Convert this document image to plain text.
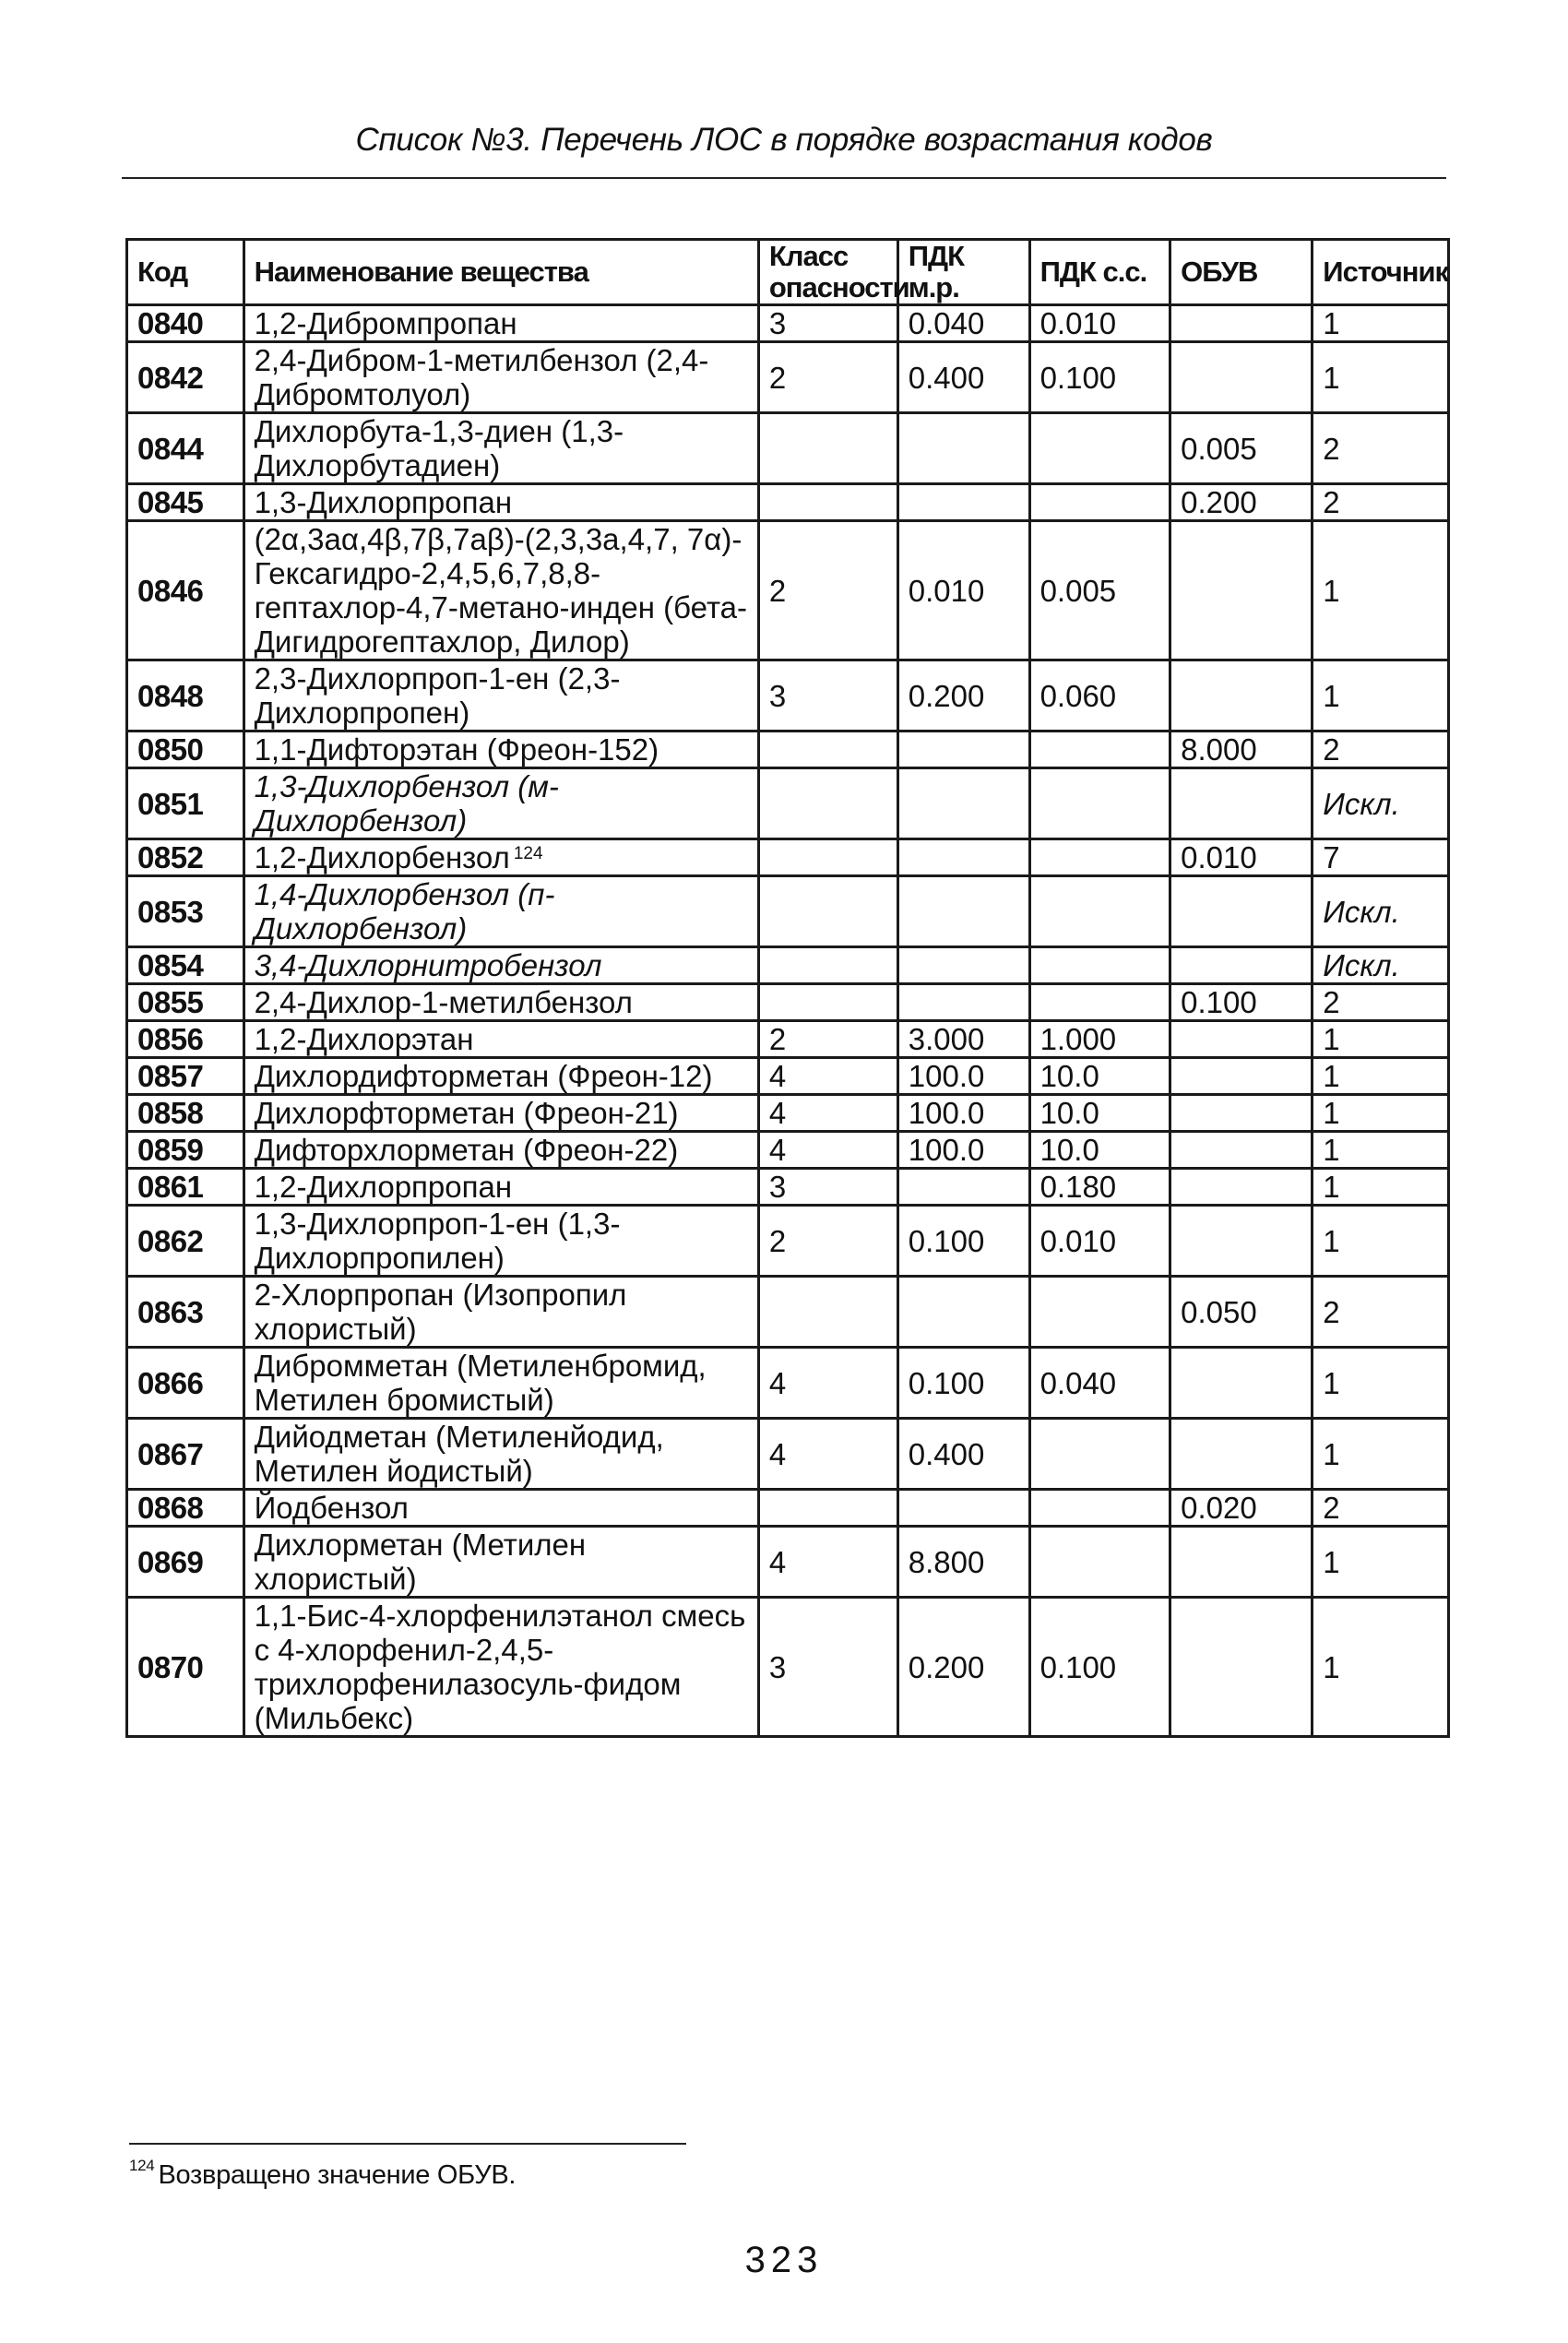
Список №3. Перечень ЛОС в порядке возрастания кодов
Код	Наименование вещества	Класс опасности	ПДК м.р.	ПДК с.с.	ОБУВ	Источник
0840	1,2-Дибромпропан	3	0.040	0.010		1
0842	2,4-Дибром-1-метилбензол (2,4-Дибромтолуол)	2	0.400	0.100		1
0844	Дихлорбута-1,3-диен (1,3-Дихлорбутадиен)				0.005	2
0845	1,3-Дихлорпропан				0.200	2
0846	(2α,3aα,4β,7β,7aβ)-(2,3,3a,4,7, 7α)-Гексагидро-2,4,5,6,7,8,8-гептахлор-4,7-метано-инден (бета-Дигидрогептахлор, Дилор)	2	0.010	0.005		1
0848	2,3-Дихлорпроп-1-ен (2,3-Дихлорпропен)	3	0.200	0.060		1
0850	1,1-Дифторэтан (Фреон-152)				8.000	2
0851	1,3-Дихлорбензол (м-Дихлорбензол)					Искл.
0852	1,2-Дихлорбензол $^{124}$				0.010	7
0853	1,4-Дихлорбензол (п-Дихлорбензол)					Искл.
0854	3,4-Дихлорнитробензол					Искл.
0855	2,4-Дихлор-1-метилбензол				0.100	2
0856	1,2-Дихлорэтан	2	3.000	1.000		1
0857	Дихлордифторметан (Фреон-12)	4	100.0	10.0		1
0858	Дихлорфторметан (Фреон-21)	4	100.0	10.0		1
0859	Дифторхлорметан (Фреон-22)	4	100.0	10.0		1
0861	1,2-Дихлорпропан	3		0.180		1
0862	1,3-Дихлорпроп-1-ен (1,3-Дихлорпропилен)	2	0.100	0.010		1
0863	2-Хлорпропан (Изопропил хлористый)				0.050	2
0866	Дибромметан (Метиленбромид, Метилен бромистый)	4	0.100	0.040		1
0867	Дийодметан (Метиленйодид, Метилен йодистый)	4	0.400			1
0868	Йодбензол				0.020	2
0869	Дихлорметан (Метилен хлористый)	4	8.800			1
0870	1,1-Бис-4-хлорфенилэтанол смесь с 4-хлорфенил-2,4,5-трихлорфенилазосуль-фидом (Мильбекс)	3	0.200	0.100		1
$^{124}$ Возвращено значение ОБУВ.
323
